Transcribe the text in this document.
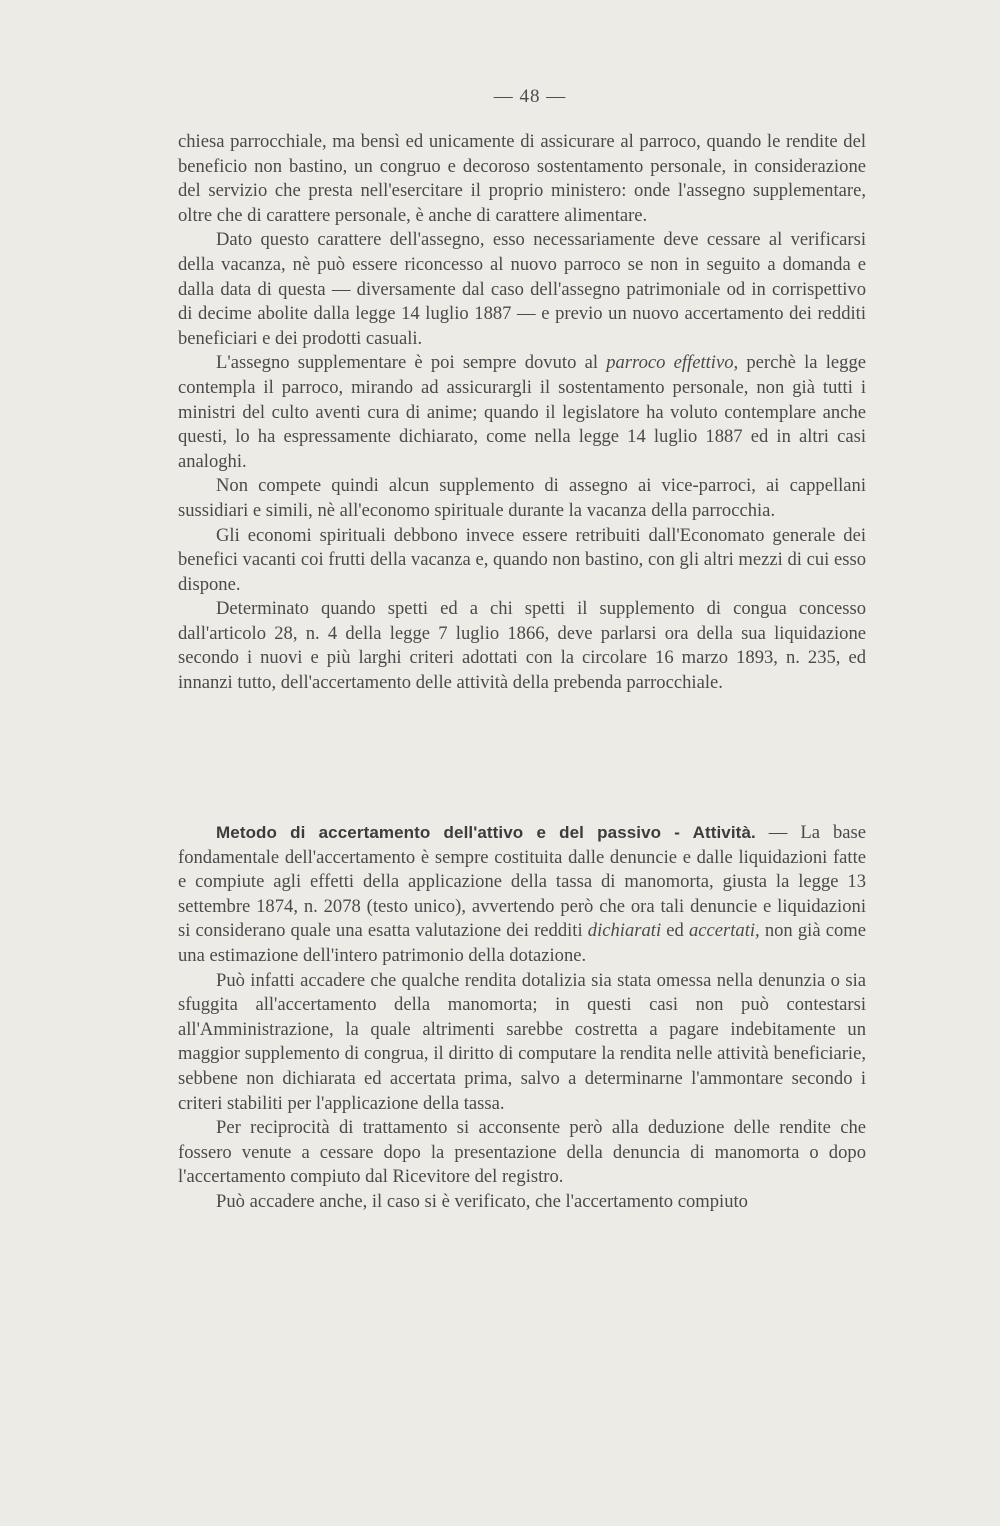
— 48 —

chiesa parrocchiale, ma bensì ed unicamente di assicurare al parroco, quando le rendite del beneficio non bastino, un congruo e decoroso sostentamento personale, in considerazione del servizio che presta nell'esercitare il proprio ministero: onde l'assegno supplementare, oltre che di carattere personale, è anche di carattere alimentare.

Dato questo carattere dell'assegno, esso necessariamente deve cessare al verificarsi della vacanza, nè può essere riconcesso al nuovo parroco se non in seguito a domanda e dalla data di questa — diversamente dal caso dell'assegno patrimoniale od in corrispettivo di decime abolite dalla legge 14 luglio 1887 — e previo un nuovo accertamento dei redditi beneficiari e dei prodotti casuali.

L'assegno supplementare è poi sempre dovuto al parroco effettivo, perchè la legge contempla il parroco, mirando ad assicurargli il sostentamento personale, non già tutti i ministri del culto aventi cura di anime; quando il legislatore ha voluto contemplare anche questi, lo ha espressamente dichiarato, come nella legge 14 luglio 1887 ed in altri casi analoghi.

Non compete quindi alcun supplemento di assegno ai vice-parroci, ai cappellani sussidiari e simili, nè all'economo spirituale durante la vacanza della parrocchia.

Gli economi spirituali debbono invece essere retribuiti dall'Economato generale dei benefici vacanti coi frutti della vacanza e, quando non bastino, con gli altri mezzi di cui esso dispone.

Determinato quando spetti ed a chi spetti il supplemento di congua concesso dall'articolo 28, n. 4 della legge 7 luglio 1866, deve parlarsi ora della sua liquidazione secondo i nuovi e più larghi criteri adottati con la circolare 16 marzo 1893, n. 235, ed innanzi tutto, dell'accertamento delle attività della prebenda parrocchiale.

Metodo di accertamento dell'attivo e del passivo - Attività. — La base fondamentale dell'accertamento è sempre costituita dalle denuncie e dalle liquidazioni fatte e compiute agli effetti della applicazione della tassa di manomorta, giusta la legge 13 settembre 1874, n. 2078 (testo unico), avvertendo però che ora tali denuncie e liquidazioni si considerano quale una esatta valutazione dei redditi dichiarati ed accertati, non già come una estimazione dell'intero patrimonio della dotazione.

Può infatti accadere che qualche rendita dotalizia sia stata omessa nella denunzia o sia sfuggita all'accertamento della manomorta; in questi casi non può contestarsi all'Amministrazione, la quale altrimenti sarebbe costretta a pagare indebitamente un maggior supplemento di congrua, il diritto di computare la rendita nelle attività beneficiarie, sebbene non dichiarata ed accertata prima, salvo a determinarne l'ammontare secondo i criteri stabiliti per l'applicazione della tassa.

Per reciprocità di trattamento si acconsente però alla deduzione delle rendite che fossero venute a cessare dopo la presentazione della denuncia di manomorta o dopo l'accertamento compiuto dal Ricevitore del registro.

Può accadere anche, il caso si è verificato, che l'accertamento compiuto
